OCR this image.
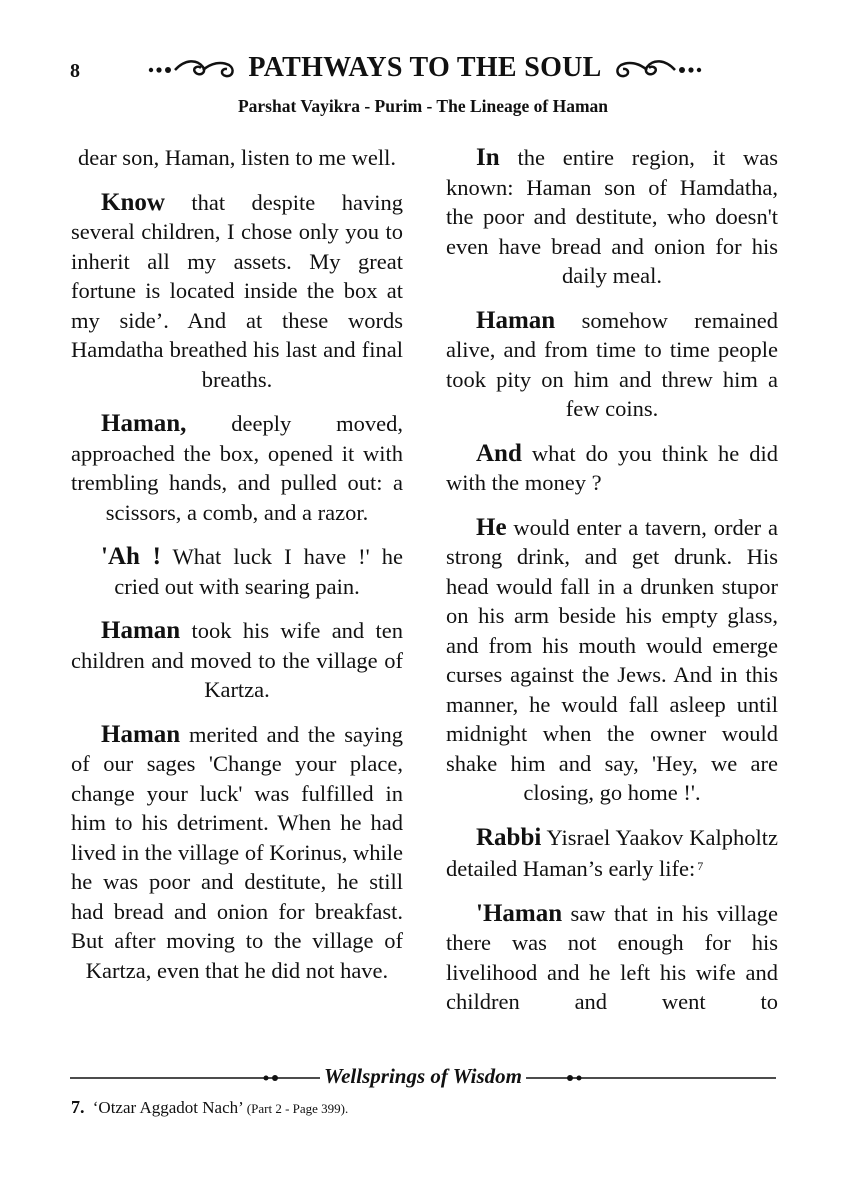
8	PATHWAYS TO THE SOUL
Parshat Vayikra - Purim - The Lineage of Haman

dear son, Haman, listen to me well.

Know that despite having several children, I chose only you to inherit all my assets. My great fortune is located inside the box at my side’. And at these words Hamdatha breathed his last and final breaths.

Haman, deeply moved, approached the box, opened it with trembling hands, and pulled out: a scissors, a comb, and a razor.

'Ah ! What luck I have !' he cried out with searing pain.

Haman took his wife and ten children and moved to the village of Kartza.

Haman merited and the saying of our sages 'Change your place, change your luck' was fulfilled in him to his detriment. When he had lived in the village of Korinus, while he was poor and destitute, he still had bread and onion for breakfast. But after moving to the village of Kartza, even that he did not have.

In the entire region, it was known: Haman son of Hamdatha, the poor and destitute, who doesn't even have bread and onion for his daily meal.

Haman somehow remained alive, and from time to time people took pity on him and threw him a few coins.

And what do you think he did with the money ?

He would enter a tavern, order a strong drink, and get drunk. His head would fall in a drunken stupor on his arm beside his empty glass, and from his mouth would emerge curses against the Jews. And in this manner, he would fall asleep until midnight when the owner would shake him and say, 'Hey, we are closing, go home !'.

Rabbi Yisrael Yaakov Kalpholtz detailed Haman’s early life: $^7$

'Haman saw that in his village there was not enough for his livelihood and he left his wife and children and went to

Wellsprings of Wisdom
7. ‘Otzar Aggadot Nach’ (Part 2 - Page 399).
